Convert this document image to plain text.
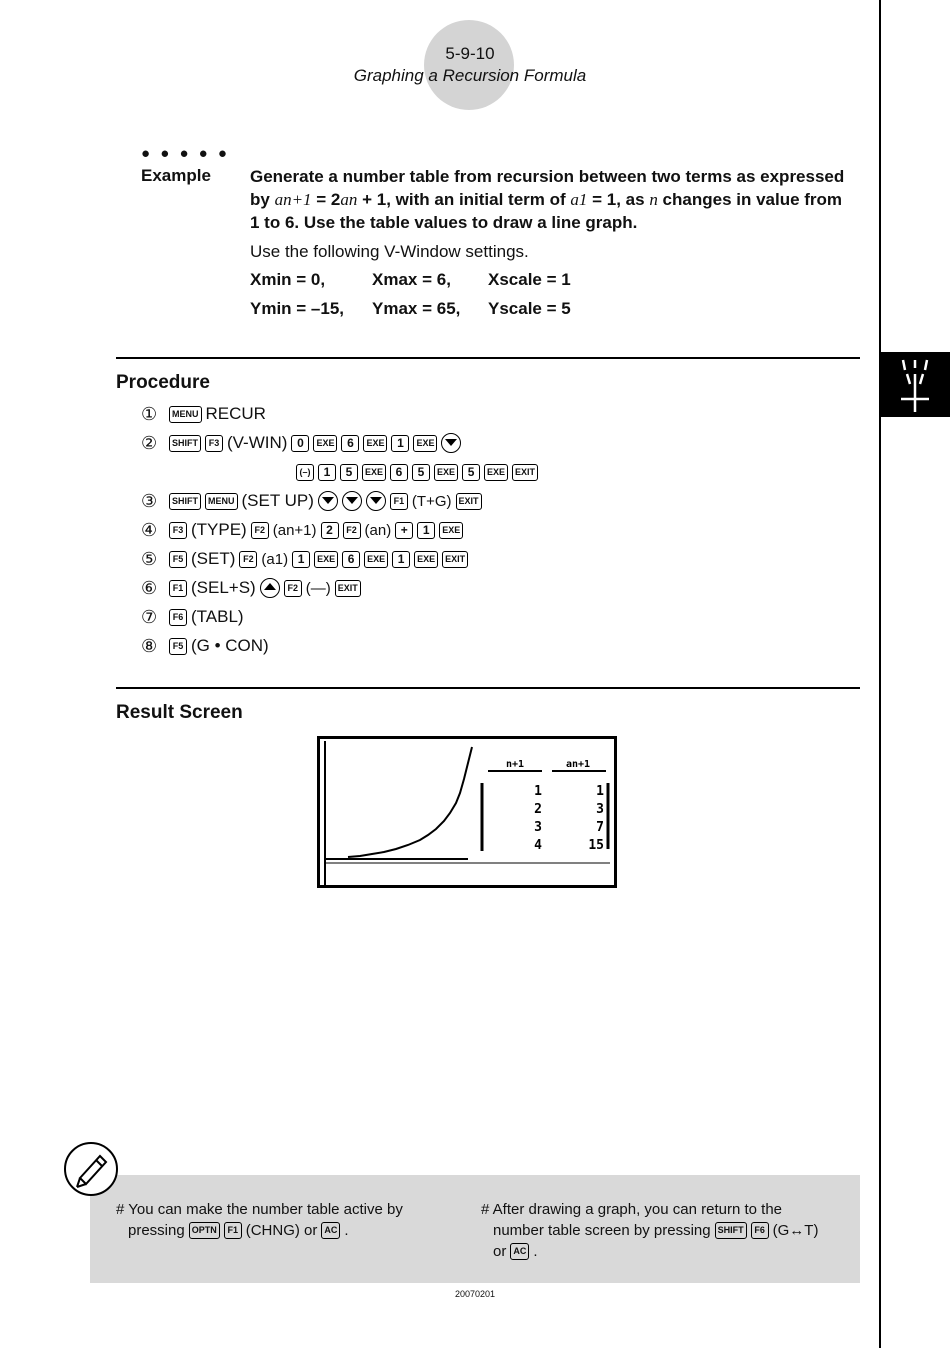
5-9-10
Graphing a Recursion Formula
● ● ● ● ●
Example Generate a number table from recursion between two terms as expressed by an+1 = 2an + 1, with an initial term of a1 = 1, as n changes in value from 1 to 6. Use the table values to draw a line graph.
Use the following V-Window settings.
Xmin = 0,	Xmax = 6, Xscale = 1
Ymin = –15, Ymax = 65, Yscale = 5
Procedure
①	MENU RECUR
②	SHIFT	F3 (V-WIN) 0	EXE	6	EXE	1	EXE
(–)	1	5	EXE	6	5	EXE	5	EXE	EXIT
③	SHIFT	MENU (SET UP)	F1 (T+G) EXIT
④	F3 (TYPE) F2 (an+1) 2	F2 (an) +	1	EXE
⑤	F5 (SET) F2 (a1) 1	EXE	6	EXE	1	EXE	EXIT
⑥	F1 (SEL+S)	F2 (—) EXIT
⑦	F6 (TABL)
⑧	F5 (G • CON)
Result Screen
n+1	an+1
1	1
2	3
3	7
4	15
# You can make the number table active by
pressing OPTN	F1 (CHNG) or AC .
# After drawing a graph, you can return to the
number table screen by pressing SHIFT	F6 (G↔T)
or AC .
20070201
